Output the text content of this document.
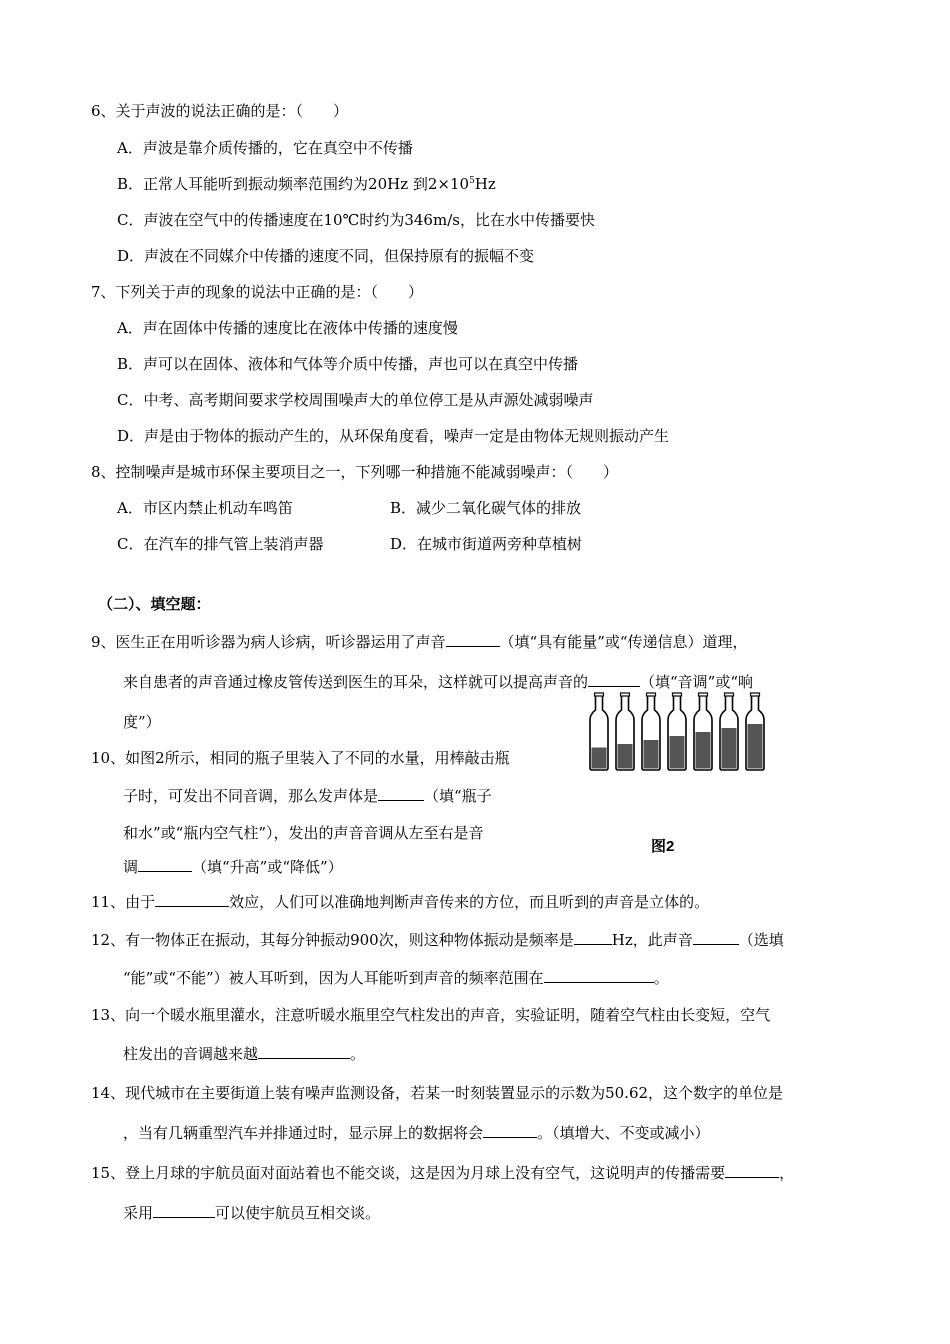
6、关于声波的说法正确的是：（　　）
A．声波是靠介质传播的，它在真空中不传播
B．正常人耳能听到振动频率范围约为20Hz 到$2\times 10^5Hz$
C．声波在空气中的传播速度在10℃时约为346m/s，比在水中传播要快
D．声波在不同媒介中传播的速度不同，但保持原有的振幅不变
7、下列关于声的现象的说法中正确的是：（　　）
A．声在固体中传播的速度比在液体中传播的速度慢
B．声可以在固体、液体和气体等介质中传播，声也可以在真空中传播
C．中考、高考期间要求学校周围噪声大的单位停工是从声源处减弱噪声
D．声是由于物体的振动产生的，从环保角度看，噪声一定是由物体无规则振动产生
8、控制噪声是城市环保主要项目之一，下列哪一种措施不能减弱噪声：（　　）
A．市区内禁止机动车鸣笛	B．减少二氧化碳气体的排放
C．在汽车的排气管上装消声器	D．在城市街道两旁种草植树
（二）、填空题：
9、医生正在用听诊器为病人诊病，听诊器运用了声音	（填“具有能量”或“传递信息）道理，
来自患者的声音通过橡皮管传送到医生的耳朵，这样就可以提高声音的	（填“音调”或“响
度”）
10、如图2所示，相同的瓶子里装入了不同的水量，用棒敲击瓶
子时，可发出不同音调，那么发声体是	（填“瓶子
和水”或“瓶内空气柱”），发出的声音音调从左至右是音
调	（填“升高”或“降低”）
图2
11、由于	效应，人们可以准确地判断声音传来的方位，而且听到的声音是立体的。
12、有一物体正在振动，其每分钟振动900次，则这种物体振动是频率是	Hz，此声音	（选填
“能”或“不能”）被人耳听到，因为人耳能听到声音的频率范围在	。
13、向一个暖水瓶里灌水，注意听暖水瓶里空气柱发出的声音，实验证明，随着空气柱由长变短，空气
柱发出的音调越来越	。
14、现代城市在主要街道上装有噪声监测设备，若某一时刻装置显示的示数为50.62，这个数字的单位是
，当有几辆重型汽车并排通过时，显示屏上的数据将会	。（填增大、不变或减小）
15、登上月球的宇航员面对面站着也不能交谈，这是因为月球上没有空气，这说明声的传播需要	，
采用	可以使宇航员互相交谈。
